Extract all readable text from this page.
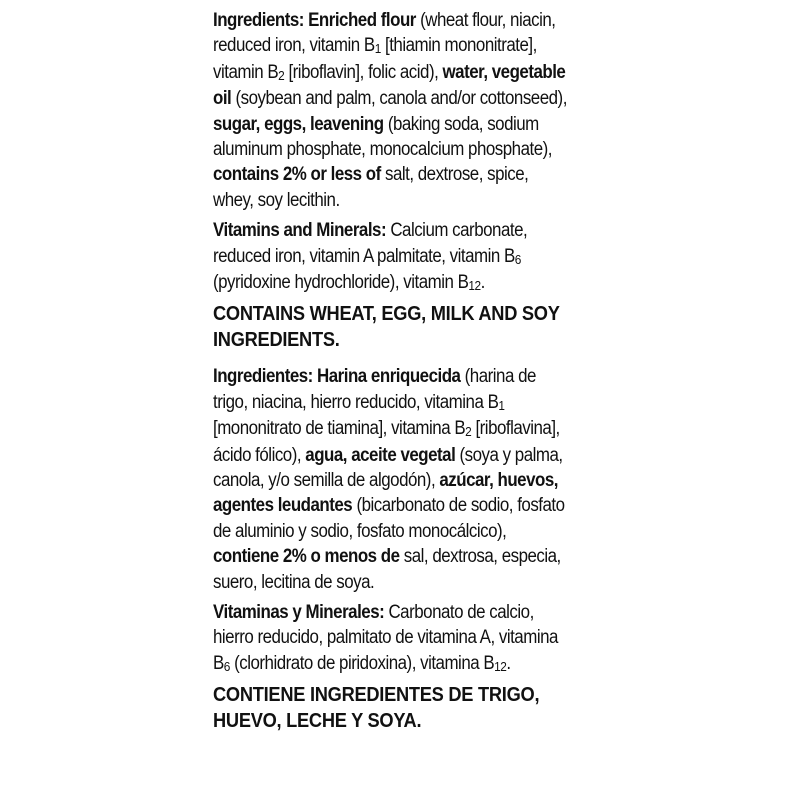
Ingredients: Enriched flour (wheat flour, niacin, reduced iron, vitamin $B_1$ [thiamin mononitrate], vitamin $B_2$ [riboflavin], folic acid), water, vegetable oil (soybean and palm, canola and/or cottonseed), sugar, eggs, leavening (baking soda, sodium aluminum phosphate, monocalcium phosphate), contains 2% or less of salt, dextrose, spice, whey, soy lecithin.

Vitamins and Minerals: Calcium carbonate, reduced iron, vitamin A palmitate, vitamin $B_6$ (pyridoxine hydrochloride), vitamin $B_{12}$.

CONTAINS WHEAT, EGG, MILK AND SOY INGREDIENTS.

Ingredientes: Harina enriquecida (harina de trigo, niacina, hierro reducido, vitamina $B_1$ [mononitrato de tiamina], vitamina $B_2$ [riboflavina], ácido fólico), agua, aceite vegetal (soya y palma, canola, y/o semilla de algodón), azúcar, huevos, agentes leudantes (bicarbonato de sodio, fosfato de aluminio y sodio, fosfato monocálcico), contiene 2% o menos de sal, dextrosa, especia, suero, lecitina de soya.

Vitaminas y Minerales: Carbonato de calcio, hierro reducido, palmitato de vitamina A, vitamina $B_6$ (clorhidrato de piridoxina), vitamina $B_{12}$.

CONTIENE INGREDIENTES DE TRIGO, HUEVO, LECHE Y SOYA.
